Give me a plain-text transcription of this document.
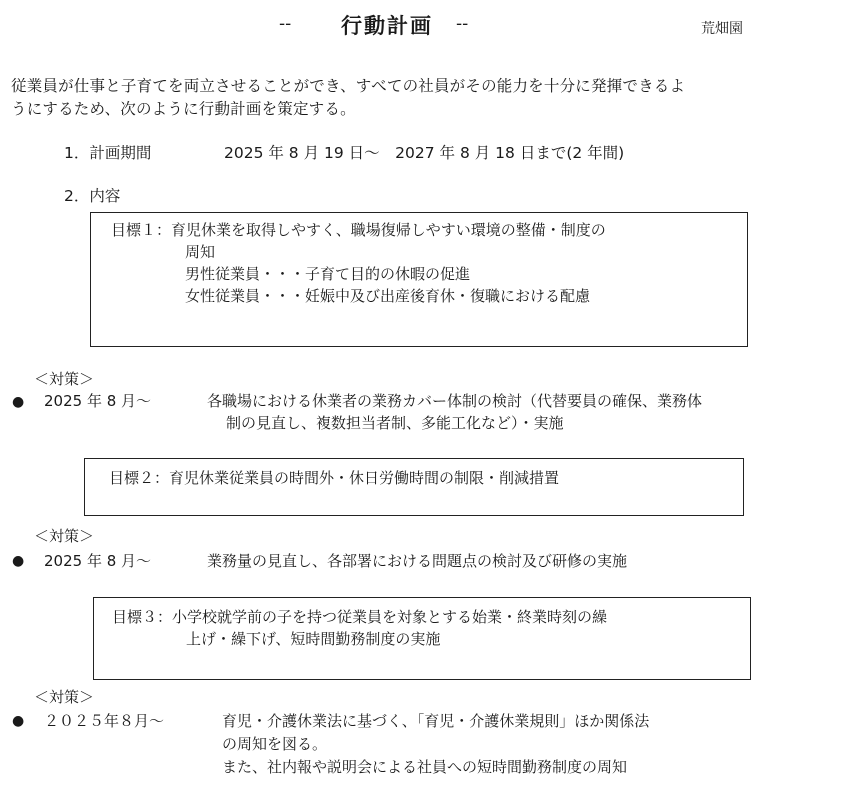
-- 行動計画 --	荒畑園
従業員が仕事と子育てを両立させることができ、すべての社員がその能力を十分に発揮できるよ
うにするため、次のように行動計画を策定する。
1．計画期間	2025 年 8 月 19 日～　2027 年 8 月 18 日まで(2 年間)
2．内容
目標１：育児休業を取得しやすく、職場復帰しやすい環境の整備・制度の
周知
男性従業員・・・子育て目的の休暇の促進
女性従業員・・・妊娠中及び出産後育休・復職における配慮
＜対策＞
● 2025 年 8 月～	各職場における休業者の業務カバー体制の検討（代替要員の確保、業務体
制の見直し、複数担当者制、多能工化など）・実施
目標２：育児休業従業員の時間外・休日労働時間の制限・削減措置
＜対策＞
● 2025 年 8 月～	業務量の見直し、各部署における問題点の検討及び研修の実施
目標３：小学校就学前の子を持つ従業員を対象とする始業・終業時刻の繰
上げ・繰下げ、短時間勤務制度の実施
＜対策＞
● ２０２５年８月～	育児・介護休業法に基づく、「育児・介護休業規則」ほか関係法
の周知を図る。
また、社内報や説明会による社員への短時間勤務制度の周知
